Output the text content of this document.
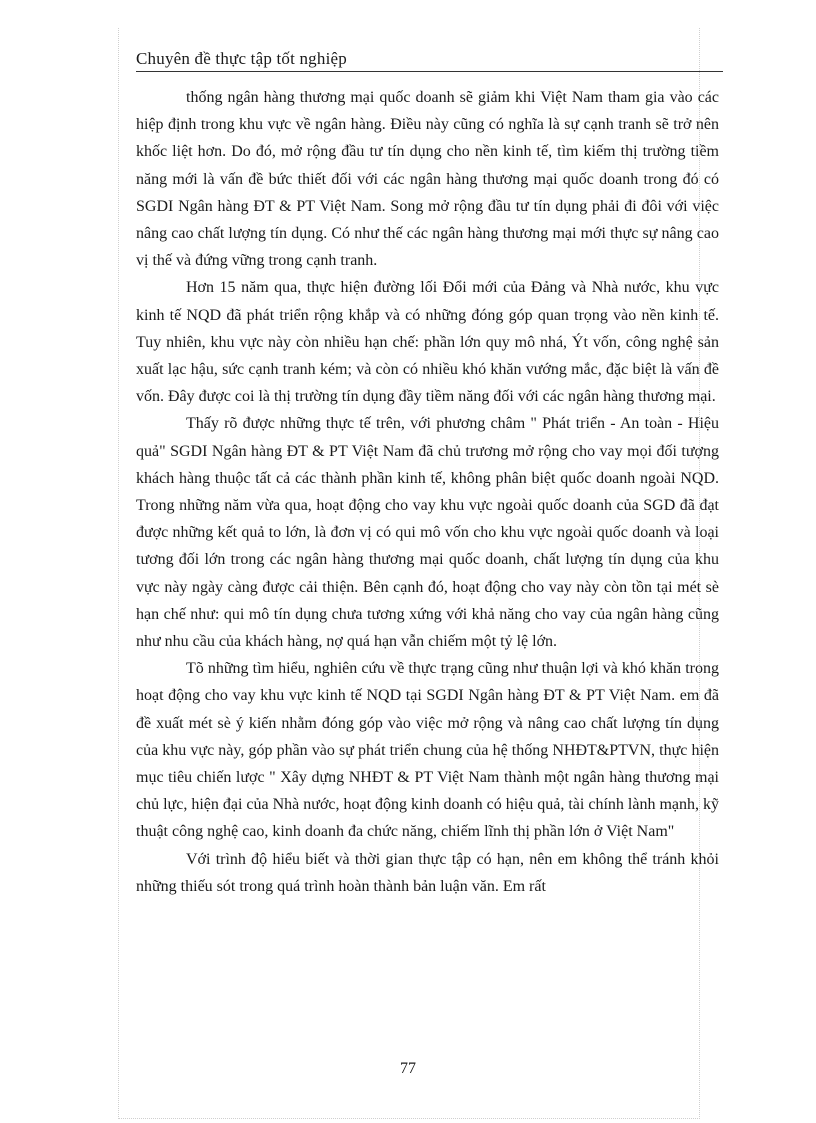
Chuyên đề thực tập tốt nghiệp

thống ngân hàng thương mại quốc doanh sẽ giảm khi Việt Nam tham gia vào các hiệp định trong khu vực về ngân hàng. Điều này cũng có nghĩa là sự cạnh tranh sẽ trở nên khốc liệt hơn. Do đó, mở rộng đầu tư tín dụng cho nền kinh tế, tìm kiếm thị trường tiềm năng mới là vấn đề bức thiết đối với các ngân hàng thương mại quốc doanh trong đó có SGDI Ngân hàng ĐT & PT Việt Nam. Song mở rộng đầu tư tín dụng phải đi đôi với việc nâng cao chất lượng tín dụng. Có như thế các ngân hàng thương mại mới thực sự nâng cao vị thế và đứng vững trong cạnh tranh.

Hơn 15 năm qua, thực hiện đường lối Đổi mới của Đảng và Nhà nước, khu vực kinh tế NQD đã phát triển rộng khắp và có những đóng góp quan trọng vào nền kinh tế. Tuy nhiên, khu vực này còn nhiều hạn chế: phần lớn quy mô nhá, Ýt vốn, công nghệ sản xuất lạc hậu, sức cạnh tranh kém; và còn có nhiều khó khăn vướng mắc, đặc biệt là vấn đề vốn. Đây được coi là thị trường tín dụng đầy tiềm năng đối với các ngân hàng thương mại.

Thấy rõ được những thực tế trên, với phương châm " Phát triển - An toàn - Hiệu quả" SGDI Ngân hàng ĐT & PT Việt Nam đã chủ trương mở rộng cho vay mọi đối tượng khách hàng thuộc tất cả các thành phần kinh tế, không phân biệt quốc doanh ngoài NQD. Trong những năm vừa qua, hoạt động cho vay khu vực ngoài quốc doanh của SGD đã đạt được những kết quả to lớn, là đơn vị có qui mô vốn cho khu vực ngoài quốc doanh và loại tương đối lớn trong các ngân hàng thương mại quốc doanh, chất lượng tín dụng của khu vực này ngày càng được cải thiện. Bên cạnh đó, hoạt động cho vay này còn tồn tại mét sè hạn chế như: qui mô tín dụng chưa tương xứng với khả năng cho vay của ngân hàng cũng như nhu cầu của khách hàng, nợ quá hạn vẫn chiếm một tỷ lệ lớn.

Tõ những tìm hiểu, nghiên cứu về thực trạng cũng như thuận lợi và khó khăn trong hoạt động cho vay khu vực kinh tế NQD tại SGDI Ngân hàng ĐT & PT Việt Nam. em đã đề xuất mét sè ý kiến nhằm đóng góp vào việc mở rộng và nâng cao chất lượng tín dụng của khu vực này, góp phần vào sự phát triển chung của hệ thống NHĐT&PTVN, thực hiện mục tiêu chiến lược " Xây dựng NHĐT & PT Việt Nam thành một ngân hàng thương mại chủ lực, hiện đại của Nhà nước, hoạt động kinh doanh có hiệu quả, tài chính lành mạnh, kỹ thuật công nghệ cao, kinh doanh đa chức năng, chiếm lĩnh thị phần lớn ở Việt Nam"

Với trình độ hiểu biết và thời gian thực tập có hạn, nên em không thể tránh khỏi những thiếu sót trong quá trình hoàn thành bản luận văn. Em rất

77
